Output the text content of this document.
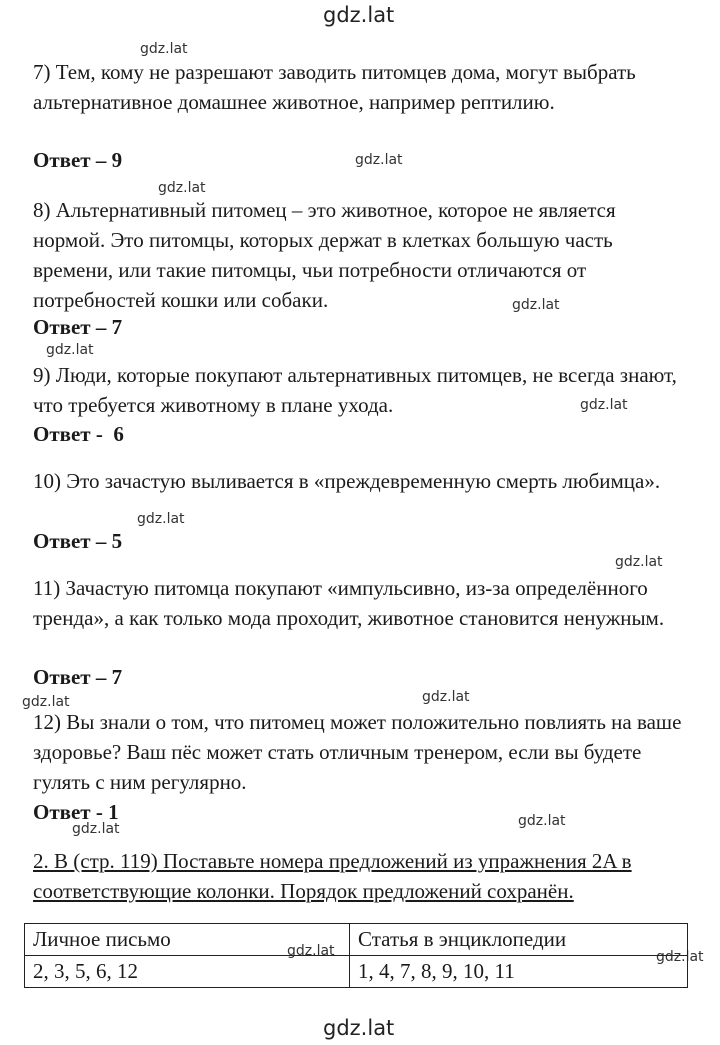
gdz.lat
gdz.lat
gdz.lat
gdz.lat
gdz.lat
gdz.lat
gdz.lat
gdz.lat
gdz.lat
gdz.lat
gdz.lat
gdz.lat	gdz.lat
gdz.lat	gdz.lat
gdz.lat

7) Тем, кому не разрешают заводить питомцев дома, могут выбрать альтернативное домашнее животное, например рептилию.

Ответ – 9

8) Альтернативный питомец – это животное, которое не является нормой. Это питомцы, которых держат в клетках большую часть времени, или такие питомцы, чьи потребности отличаются от потребностей кошки или собаки.

Ответ – 7

9) Люди, которые покупают альтернативных питомцев, не всегда знают, что требуется животному в плане ухода.

Ответ -  6

10) Это зачастую выливается в «преждевременную смерть любимца».

Ответ – 5

11) Зачастую питомца покупают «импульсивно, из-за определённого тренда», а как только мода проходит, животное становится ненужным.

Ответ – 7

12) Вы знали о том, что питомец может положительно повлиять на ваше здоровье? Ваш пёс может стать отличным тренером, если вы будете гулять с ним регулярно.

Ответ - 1

2. B (стр. 119) Поставьте номера предложений из упражнения 2A в соответствующие колонки. Порядок предложений сохранён.

Личное письмо	Статья в энциклопедии
2, 3, 5, 6, 12	1, 4, 7, 8, 9, 10, 11
